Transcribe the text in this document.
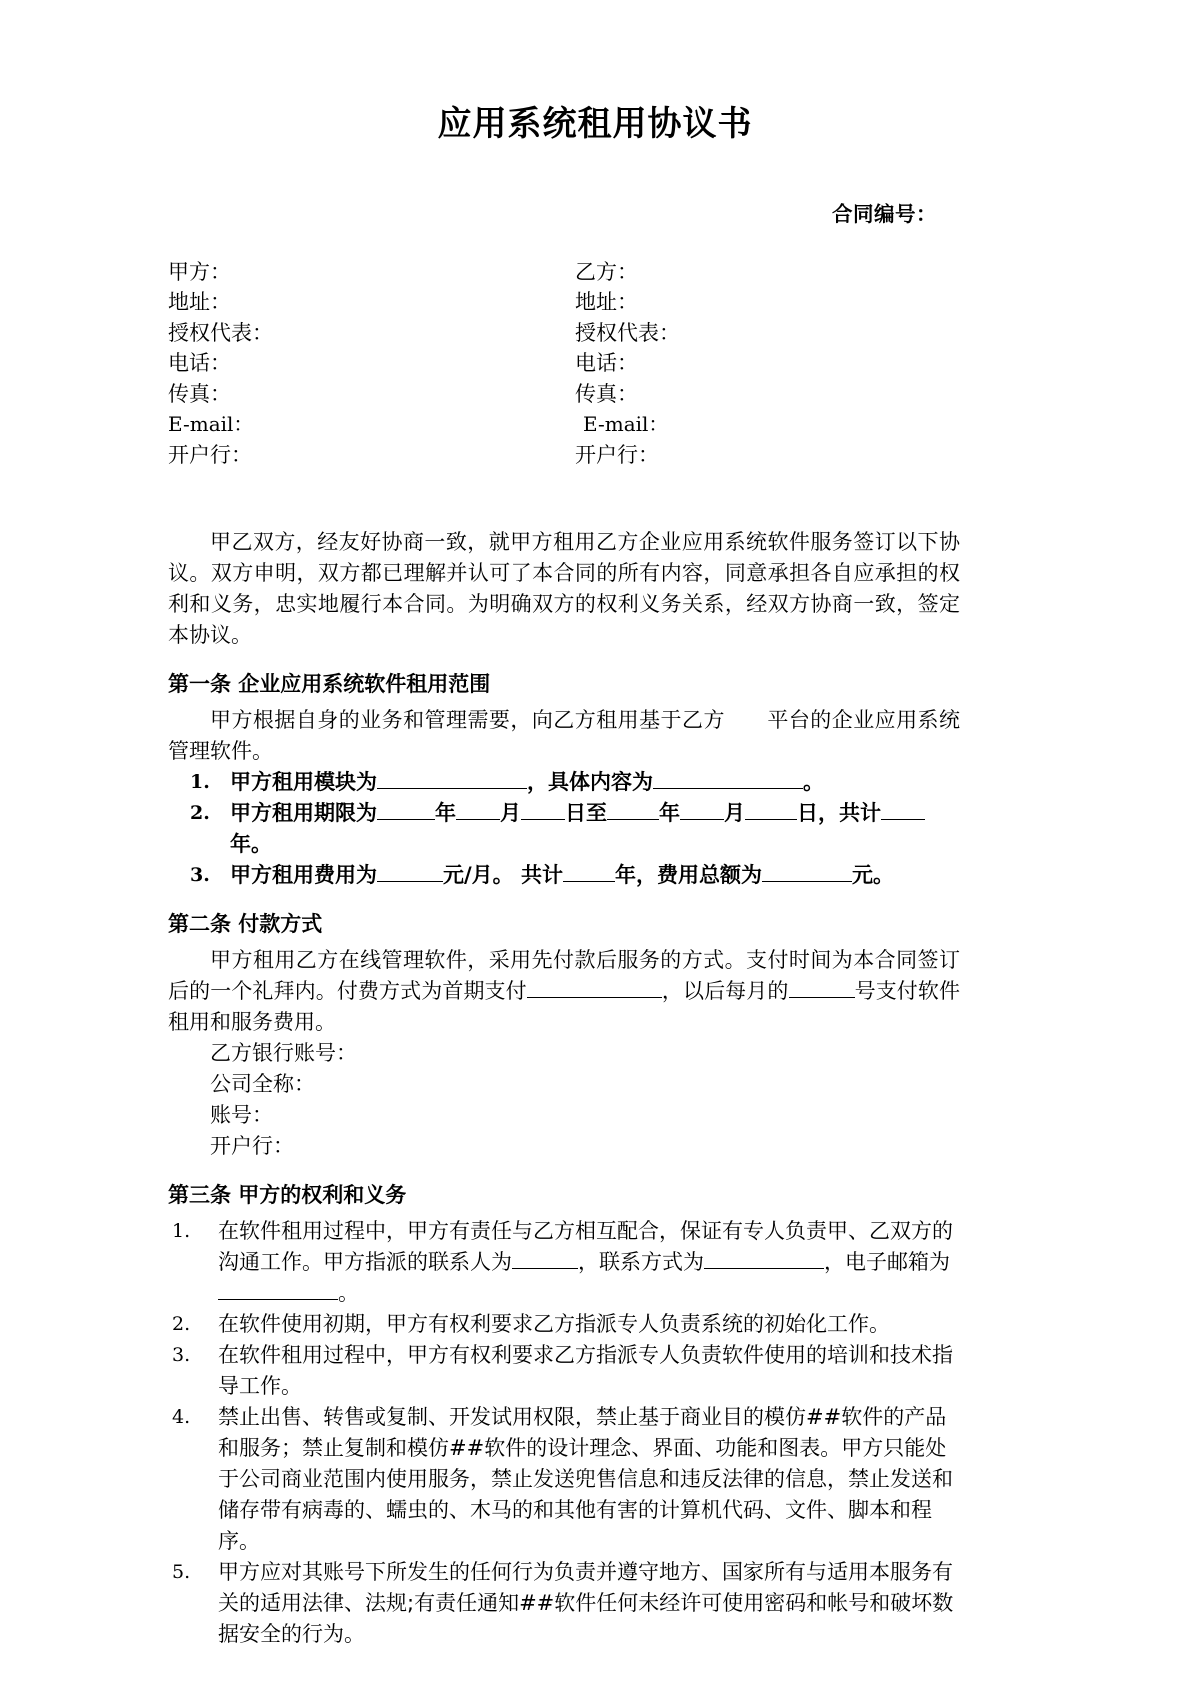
应用系统租用协议书
合同编号：
甲方：
地址：
授权代表：
电话：
传真：
E-mail：
开户行：
乙方：
地址：
授权代表：
电话：
传真：
E-mail：
开户行：

甲乙双方，经友好协商一致，就甲方租用乙方企业应用系统软件服务签订以下协议。双方申明，双方都已理解并认可了本合同的所有内容，同意承担各自应承担的权利和义务，忠实地履行本合同。为明确双方的权利义务关系，经双方协商一致，签定本协议。

第一条 企业应用系统软件租用范围

甲方根据自身的业务和管理需要，向乙方租用基于乙方 平台的企业应用系统管理软件。

1. 甲方租用模块为	，具体内容为	。
2. 甲方租用期限为	年 月 日至 年 月 日，共计年。
3. 甲方租用费用为	元/月。 共计 年，费用总额为	元。
第二条 付款方式

甲方租用乙方在线管理软件，采用先付款后服务的方式。支付时间为本合同签订后的一个礼拜内。付费方式为首期支付	，以后每月的	号支付软件租用和服务费用。

乙方银行账号：
公司全称：
账号：
开户行：
第三条 甲方的权利和义务
1. 在软件租用过程中，甲方有责任与乙方相互配合，保证有专人负责甲、乙双方的沟通工作。甲方指派的联系人为	，联系方式为	，电子邮箱为。
2. 在软件使用初期，甲方有权利要求乙方指派专人负责系统的初始化工作。
3. 在软件租用过程中，甲方有权利要求乙方指派专人负责软件使用的培训和技术指导工作。
4. 禁止出售、转售或复制、开发试用权限，禁止基于商业目的模仿##软件的产品和服务；禁止复制和模仿##软件的设计理念、界面、功能和图表。甲方只能处于公司商业范围内使用服务，禁止发送兜售信息和违反法律的信息，禁止发送和储存带有病毒的、蠕虫的、木马的和其他有害的计算机代码、文件、脚本和程序。
5. 甲方应对其账号下所发生的任何行为负责并遵守地方、国家所有与适用本服务有关的适用法律、法规;有责任通知##软件任何未经许可使用密码和帐号和破坏数据安全的行为。
